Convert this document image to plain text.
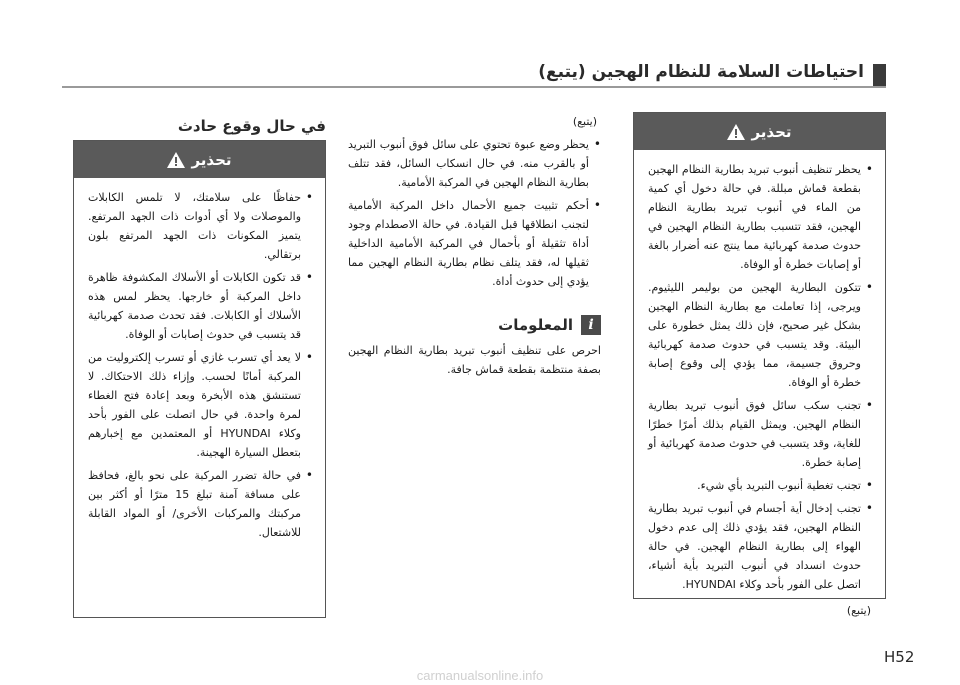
احتياطات السلامة للنظام الهجين (يتبع)
تحذير
• يحظر تنظيف أنبوب تبريد بطارية النظام الهجين بقطعة قماش مبللة. في حالة دخول أي كمية من الماء في أنبوب تبريد بطارية النظام الهجين، فقد تتسبب بطارية النظام الهجين في حدوث صدمة كهربائية مما ينتج عنه أضرار بالغة أو إصابات خطرة أو الوفاة.
• تتكون البطارية الهجين من بوليمر الليثيوم. ويرجى، إذا تعاملت مع بطارية النظام الهجين بشكل غير صحيح، فإن ذلك يمثل خطورة على البيئة. وقد يتسبب في حدوث صدمة كهربائية وحروق جسيمة، مما يؤدي إلى وقوع إصابة خطرة أو الوفاة.
• تجنب سكب سائل فوق أنبوب تبريد بطارية النظام الهجين. ويمثل القيام بذلك أمرًا خطرًا للغاية، وقد يتسبب في حدوث صدمة كهربائية أو إصابة خطرة.
• تجنب تغطية أنبوب التبريد بأي شيء.
• تجنب إدخال أية أجسام في أنبوب تبريد بطارية النظام الهجين، فقد يؤدي ذلك إلى عدم دخول الهواء إلى بطارية النظام الهجين. في حالة حدوث انسداد في أنبوب التبريد بأية أشياء، اتصل على الفور بأحد وكلاء HYUNDAI.
(يتبع)
(يتبع)
• يحظر وضع عبوة تحتوي على سائل فوق أنبوب التبريد أو بالقرب منه. في حال انسكاب السائل، فقد تتلف بطارية النظام الهجين في المركبة الأمامية.
• أحكم تثبيت جميع الأحمال داخل المركبة الأمامية لتجنب انطلاقها قبل القيادة. في حالة الاصطدام وجود أداة تثقيلة أو بأحمال في المركبة الأمامية الداخلية ثقيلها له، فقد يتلف نظام بطارية النظام الهجين مما يؤدي إلى حدوث أداة.
i
المعلومات
احرص على تنظيف أنبوب تبريد بطارية النظام الهجين بصفة منتظمة بقطعة قماش جافة.
في حال وقوع حادث
تحذير
• حفاظًا على سلامتك، لا تلمس الكابلات والموصلات ولا أي أدوات ذات الجهد المرتفع. يتميز المكونات ذات الجهد المرتفع بلون برتقالي.
• قد تكون الكابلات أو الأسلاك المكشوفة ظاهرة داخل المركبة أو خارجها. يحظر لمس هذه الأسلاك أو الكابلات. فقد تحدث صدمة كهربائية قد يتسبب في حدوث إصابات أو الوفاة.
• لا يعد أي تسرب غازي أو تسرب إلكتروليت من المركبة أمانًا لحسب. وإزاء ذلك الاحتكاك. لا تستنشق هذه الأبخرة وبعد إعادة فتح الغطاء لمرة واحدة. في حال اتصلت على الفور بأحد وكلاء HYUNDAI أو المعتمدين مع إخبارهم بتعطل السيارة الهجينة.
• في حالة تضرر المركبة على نحو بالغ، فحافظ على مسافة آمنة تبلغ 15 مترًا أو أكثر بين مركبتك والمركبات الأخرى/ أو المواد القابلة للاشتعال.
H52
carmanualsonline.info
